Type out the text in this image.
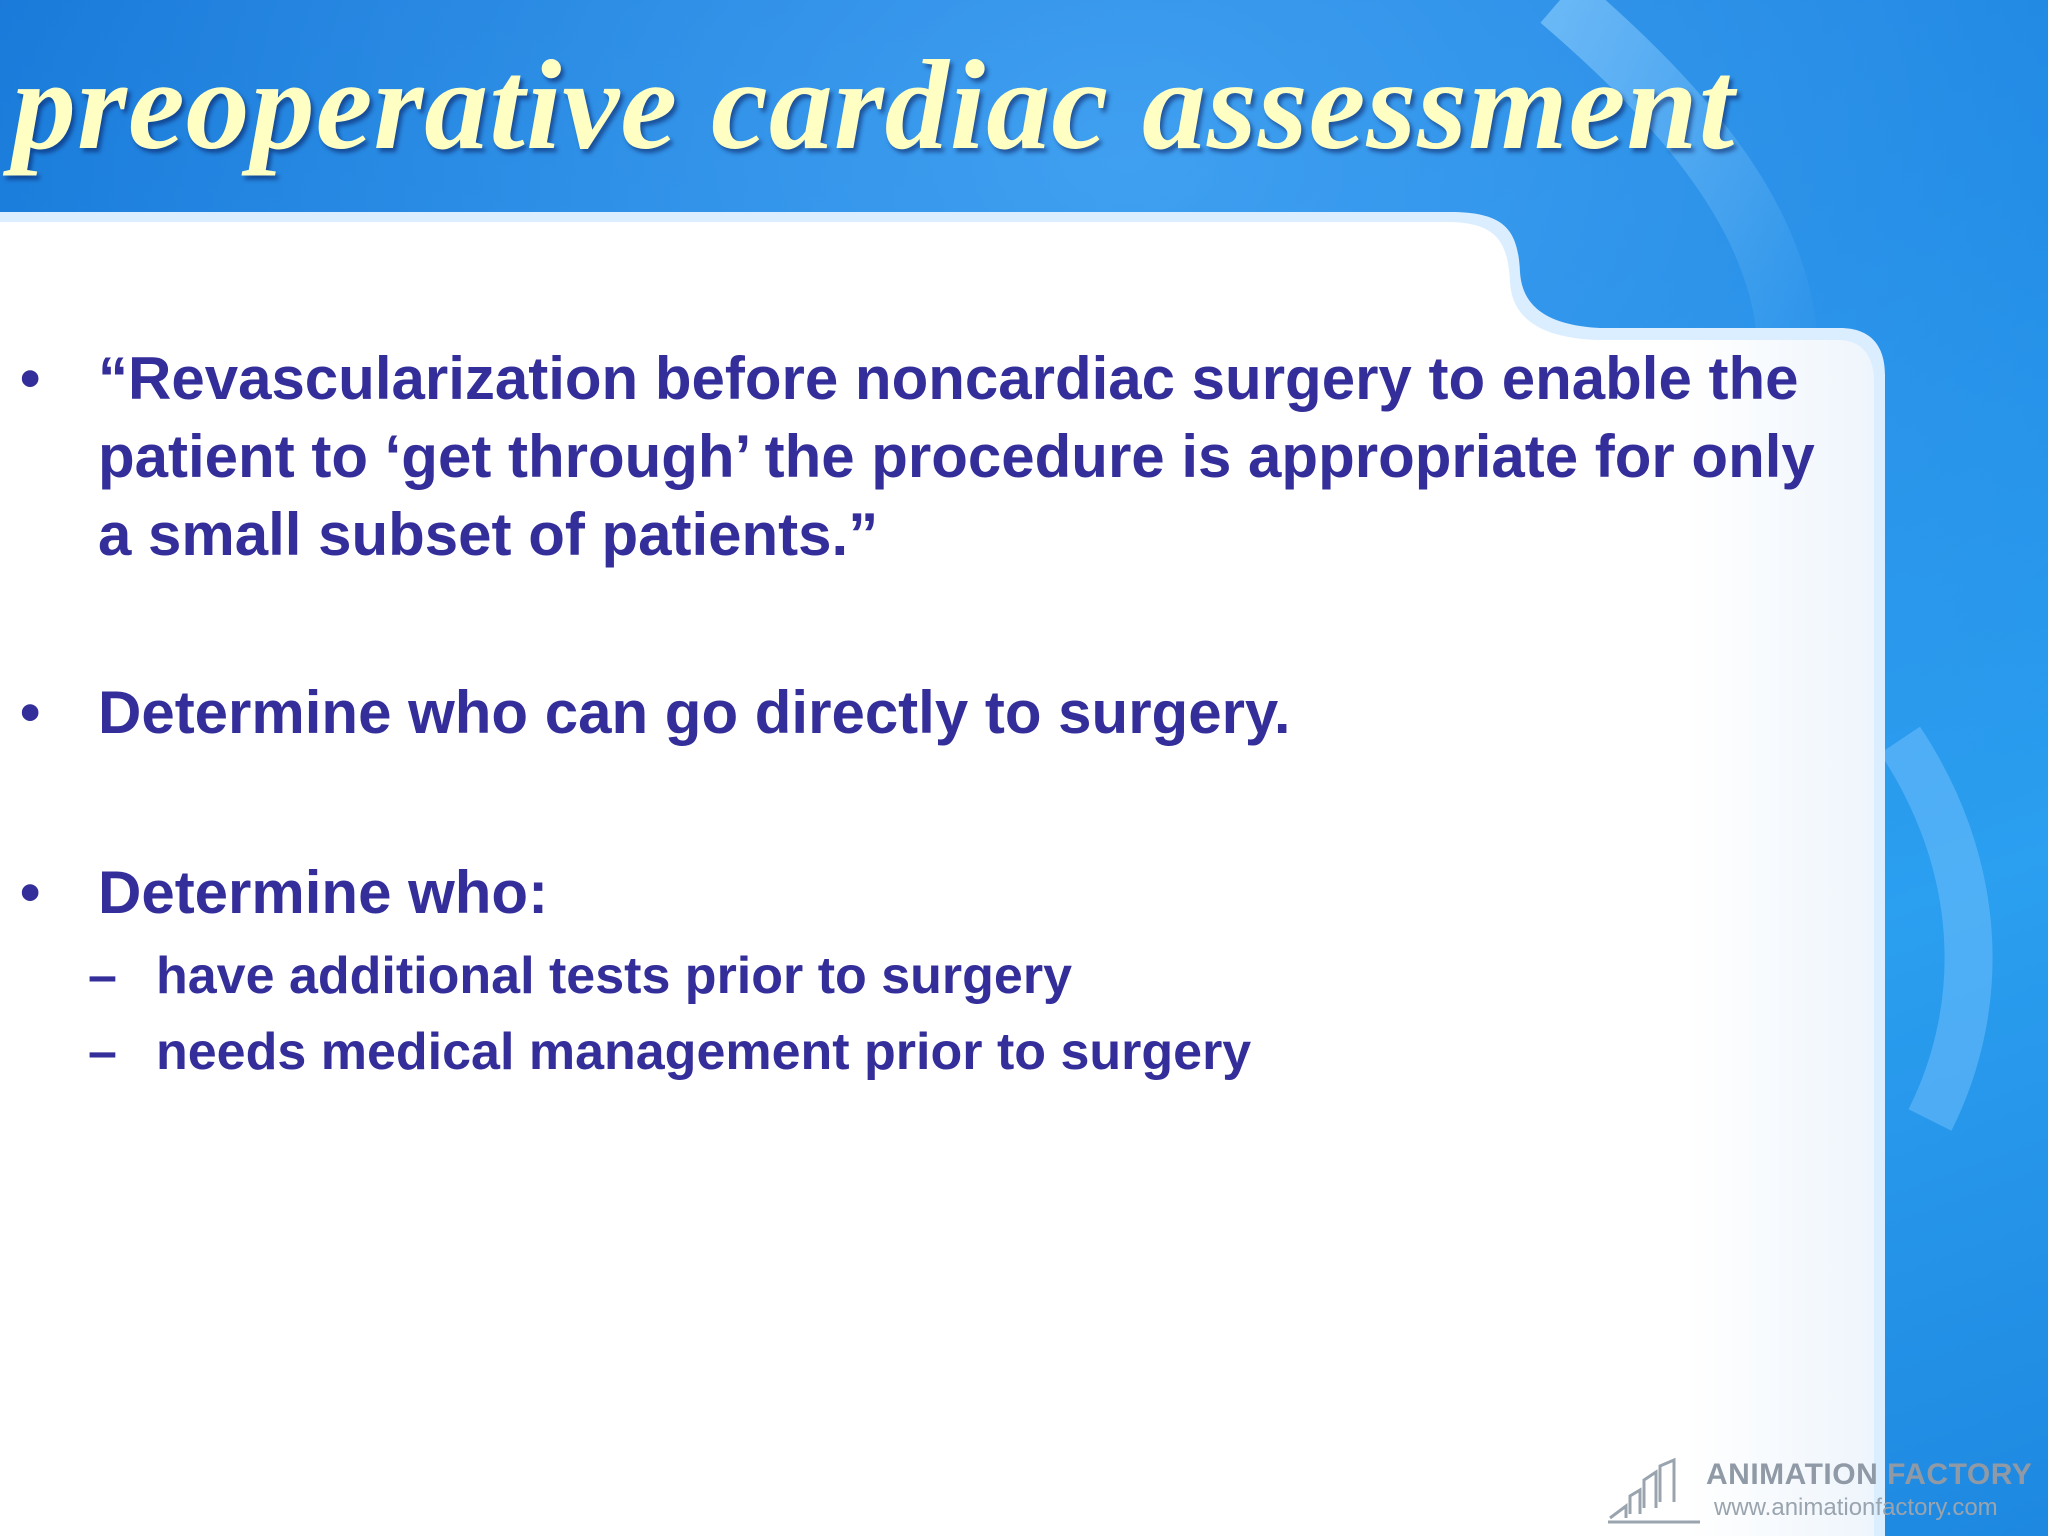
preoperative cardiac assessment
• “Revascularization before noncardiac surgery to enable the patient to ‘get through’ the procedure is appropriate for only a small subset of patients.”
• Determine who can go directly to surgery.
• Determine who:
– have additional tests prior to surgery
– needs medical management prior to surgery
ANIMATION FACTORY
www.animationfactory.com
